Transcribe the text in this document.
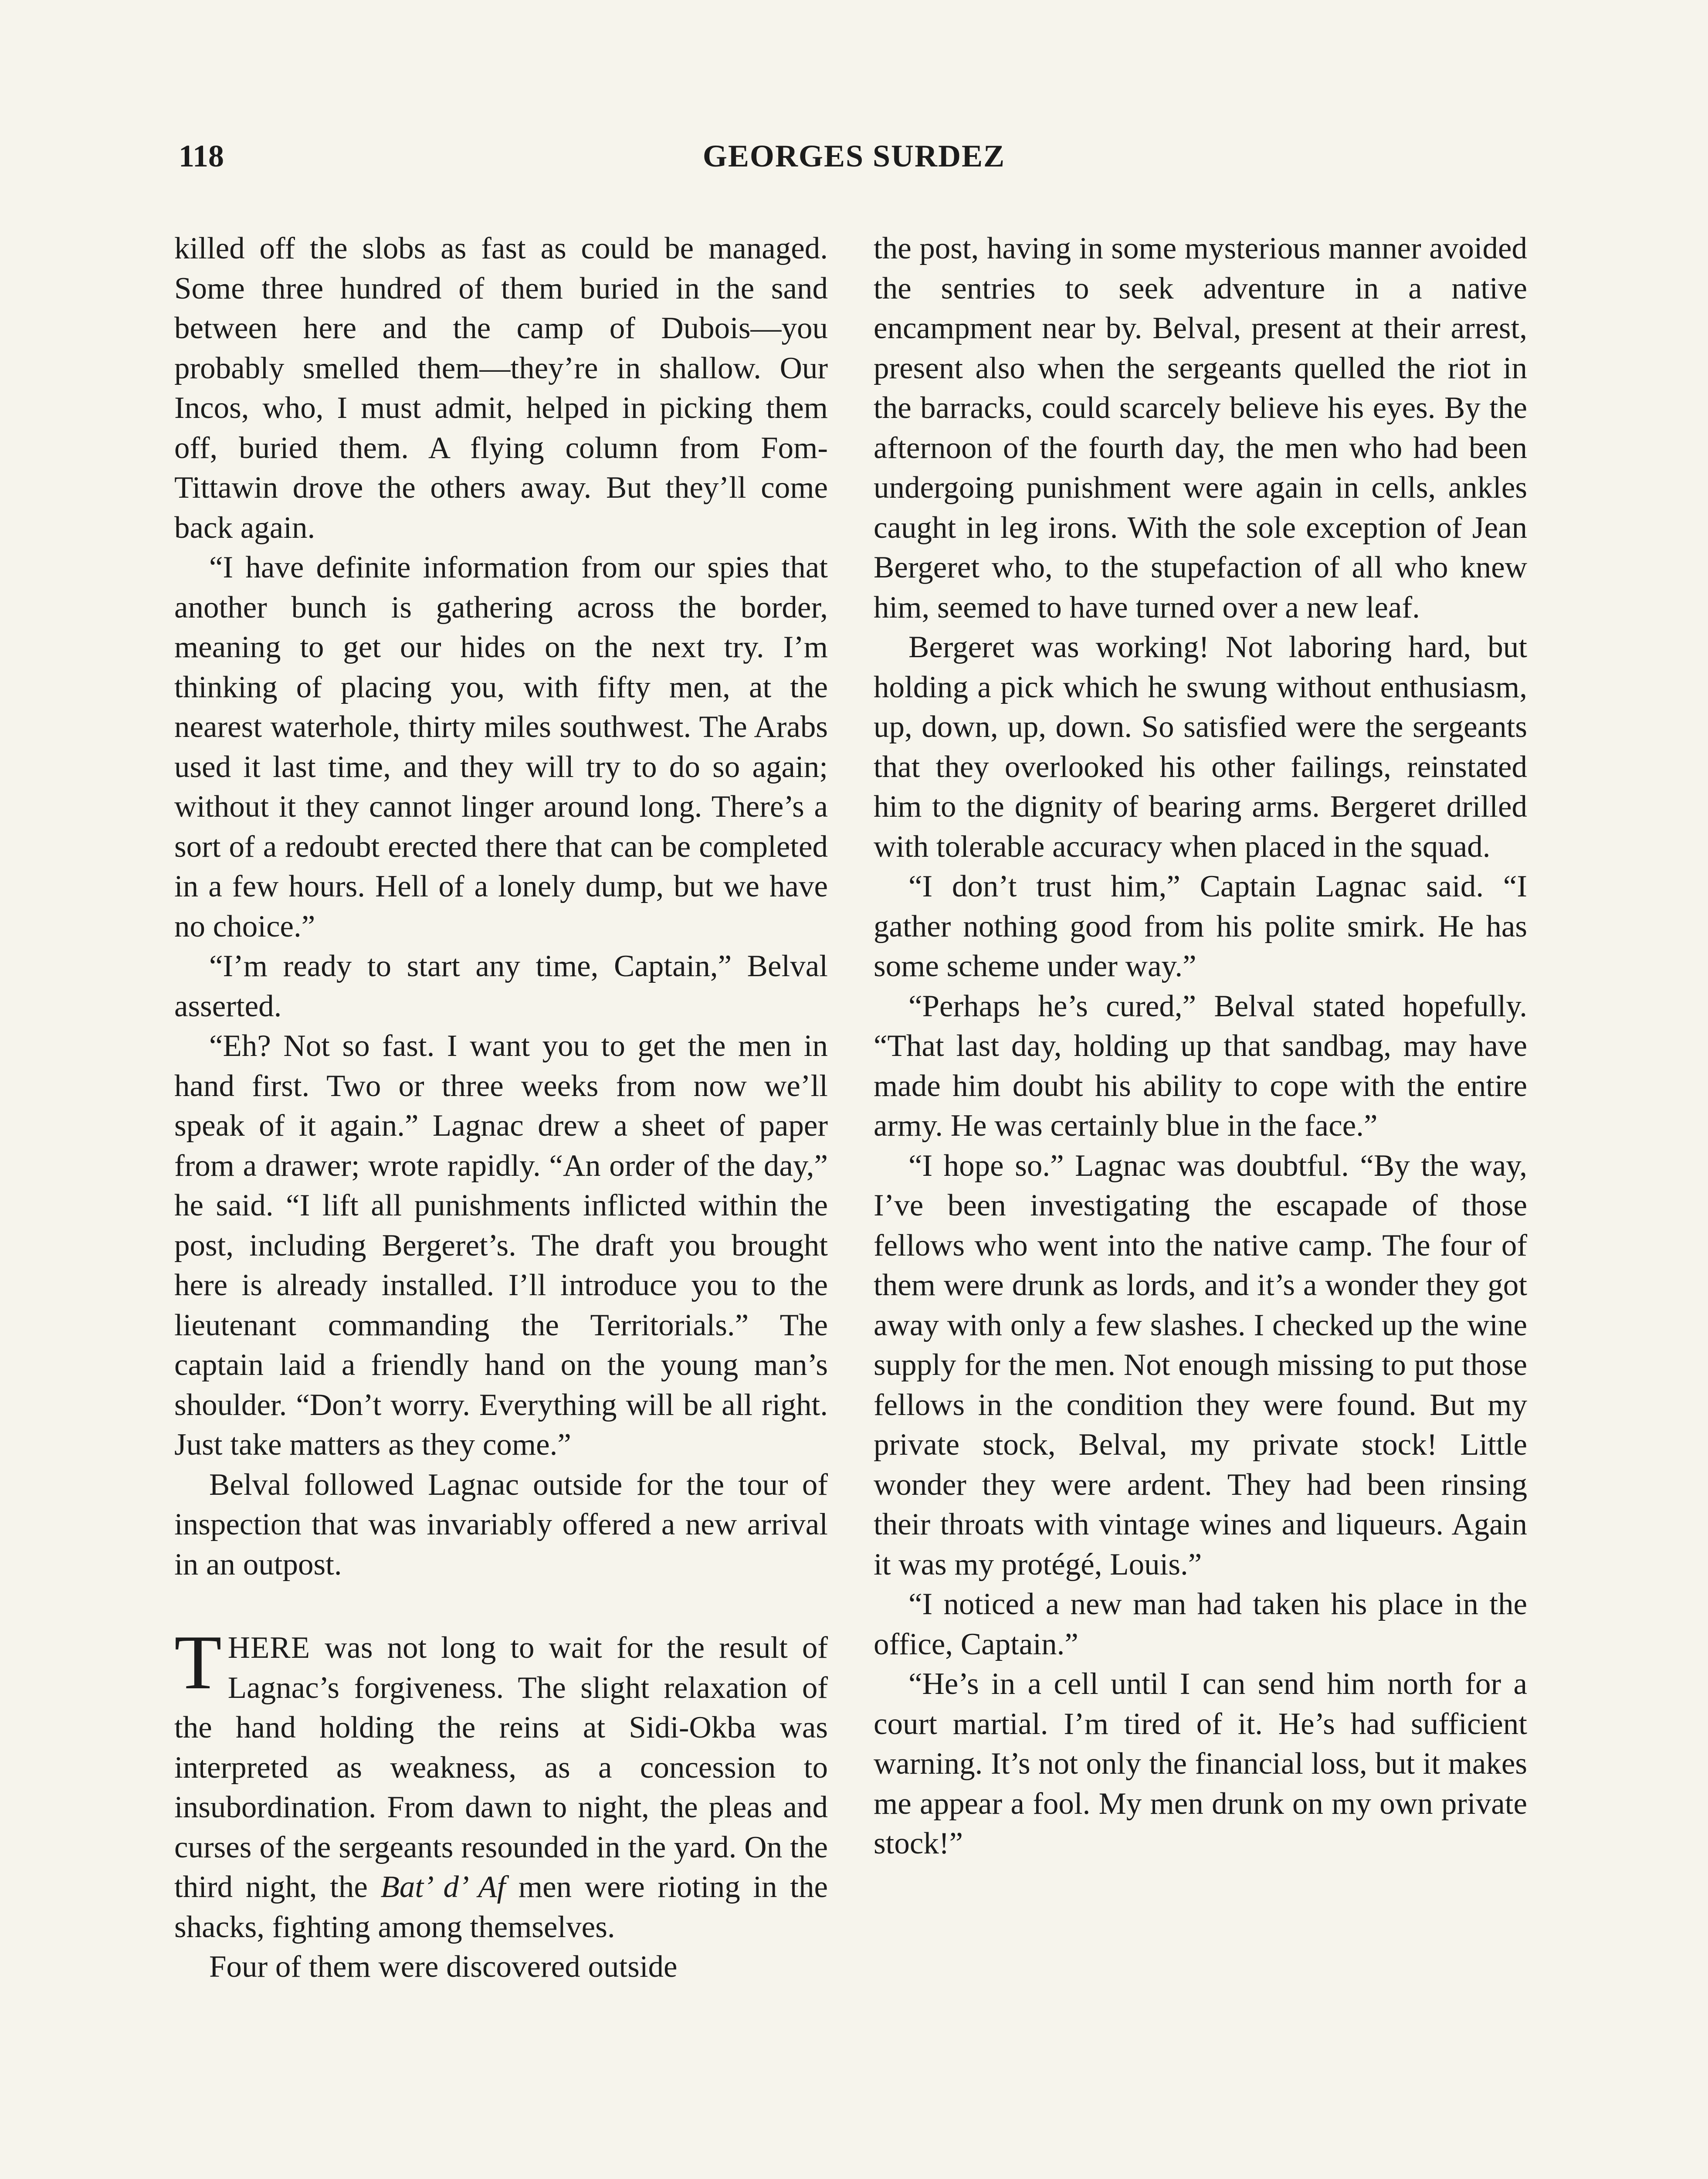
118	GEORGES SURDEZ

killed off the slobs as fast as could be managed. Some three hundred of them buried in the sand between here and the camp of Dubois—you probably smelled them—they’re in shallow. Our Incos, who, I must admit, helped in picking them off, buried them. A flying column from Fom-Tittawin drove the others away. But they’ll come back again.

“I have definite information from our spies that another bunch is gathering across the border, meaning to get our hides on the next try. I’m thinking of placing you, with fifty men, at the nearest waterhole, thirty miles southwest. The Arabs used it last time, and they will try to do so again; without it they cannot linger around long. There’s a sort of a redoubt erected there that can be completed in a few hours. Hell of a lonely dump, but we have no choice.”

“I’m ready to start any time, Captain,” Belval asserted.

“Eh? Not so fast. I want you to get the men in hand first. Two or three weeks from now we’ll speak of it again.” Lagnac drew a sheet of paper from a drawer; wrote rapidly. “An order of the day,” he said. “I lift all punishments inflicted within the post, including Bergeret’s. The draft you brought here is already installed. I’ll introduce you to the lieutenant commanding the Territorials.” The captain laid a friendly hand on the young man’s shoulder. “Don’t worry. Everything will be all right. Just take matters as they come.”

Belval followed Lagnac outside for the tour of inspection that was invariably offered a new arrival in an outpost.

THERE was not long to wait for the result of Lagnac’s forgiveness. The slight relaxation of the hand holding the reins at Sidi-Okba was interpreted as weakness, as a concession to insubordination. From dawn to night, the pleas and curses of the sergeants resounded in the yard. On the third night, the Bat’ d’ Af men were rioting in the shacks, fighting among themselves.

Four of them were discovered outside

the post, having in some mysterious manner avoided the sentries to seek adventure in a native encampment near by. Belval, present at their arrest, present also when the sergeants quelled the riot in the barracks, could scarcely believe his eyes. By the afternoon of the fourth day, the men who had been undergoing punishment were again in cells, ankles caught in leg irons. With the sole exception of Jean Bergeret who, to the stupefaction of all who knew him, seemed to have turned over a new leaf.

Bergeret was working! Not laboring hard, but holding a pick which he swung without enthusiasm, up, down, up, down. So satisfied were the sergeants that they overlooked his other failings, reinstated him to the dignity of bearing arms. Bergeret drilled with tolerable accuracy when placed in the squad.

“I don’t trust him,” Captain Lagnac said. “I gather nothing good from his polite smirk. He has some scheme under way.”

“Perhaps he’s cured,” Belval stated hopefully. “That last day, holding up that sandbag, may have made him doubt his ability to cope with the entire army. He was certainly blue in the face.”

“I hope so.” Lagnac was doubtful. “By the way, I’ve been investigating the escapade of those fellows who went into the native camp. The four of them were drunk as lords, and it’s a wonder they got away with only a few slashes. I checked up the wine supply for the men. Not enough missing to put those fellows in the condition they were found. But my private stock, Belval, my private stock! Little wonder they were ardent. They had been rinsing their throats with vintage wines and liqueurs. Again it was my protégé, Louis.”

“I noticed a new man had taken his place in the office, Captain.”

“He’s in a cell until I can send him north for a court martial. I’m tired of it. He’s had sufficient warning. It’s not only the financial loss, but it makes me appear a fool. My men drunk on my own private stock!”
